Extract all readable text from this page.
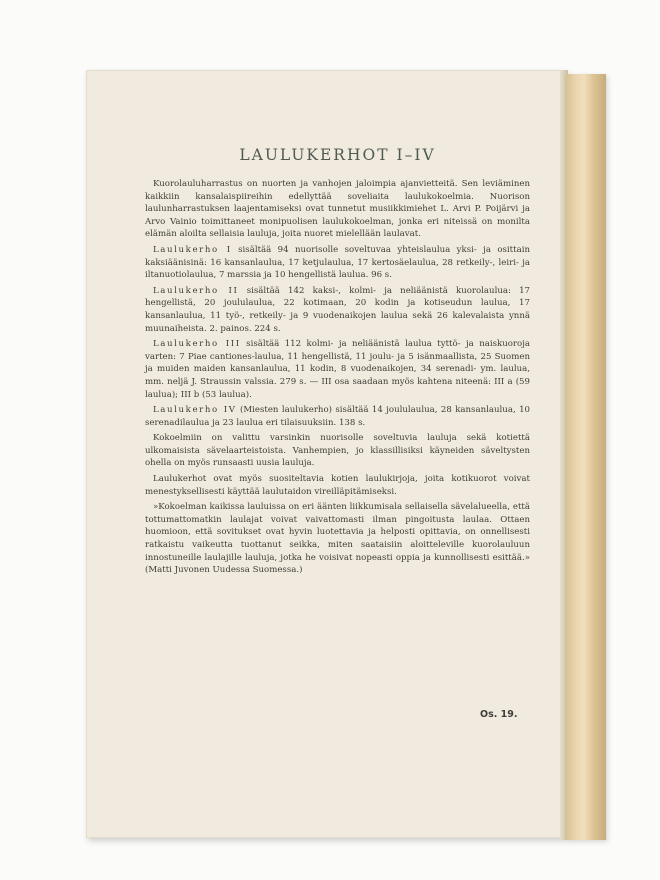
LAULUKERHOT I–IV

Kuorolauluharrastus on nuorten ja vanhojen jaloimpia ajanvietteitä. Sen leviäminen kaikkiin kansalaispiireihin edellyttää soveliaita laulukokoelmia. Nuorison laulunharrastuksen laajentamiseksi ovat tunnetut musiikkimiehet L. Arvi P. Poijärvi ja Arvo Vainio toimittaneet monipuolisen laulukokoelman, jonka eri niteissä on monilta elämän aloilta sellaisia lauluja, joita nuoret mielellään laulavat.

Laulukerho I sisältää 94 nuorisolle soveltuvaa yhteislaulua yksi- ja osittain kaksiäänisinä: 16 kansanlaulua, 17 ketjulaulua, 17 kertosäelaulua, 28 retkeily-, leiri- ja iltanuotiolaulua, 7 marssia ja 10 hengellistä laulua. 96 s.

Laulukerho II sisältää 142 kaksi-, kolmi- ja neliäänistä kuorolaulua: 17 hengellistä, 20 joululaulua, 22 kotimaan, 20 kodin ja kotiseudun laulua, 17 kansanlaulua, 11 työ-, retkeily- ja 9 vuodenaikojen laulua sekä 26 kalevalaista ynnä muunaiheista. 2. painos. 224 s.

Laulukerho III sisältää 112 kolmi- ja neliäänistä laulua tyttö- ja naiskuoroja varten: 7 Piae cantiones-laulua, 11 hengellistä, 11 joulu- ja 5 isänmaallista, 25 Suomen ja muiden maiden kansanlaulua, 11 kodin, 8 vuodenaikojen, 34 serenadi- ym. laulua, mm. neljä J. Straussin valssia. 279 s. — III osa saadaan myös kahtena niteenä: III a (59 laulua); III b (53 laulua).

Laulukerho IV (Miesten laulukerho) sisältää 14 joululaulua, 28 kansanlaulua, 10 serenadilaulua ja 23 laulua eri tilaisuuksiin. 138 s.

Kokoelmiin on valittu varsinkin nuorisolle soveltuvia lauluja sekä kotiettä ulkomaisista sävelaarteistoista. Vanhempien, jo klassillisiksi käyneiden säveltysten ohella on myös runsaasti uusia lauluja.

Laulukerhot ovat myös suositeltavia kotien laulukirjoja, joita kotikuorot voivat menestyksellisesti käyttää laulutaidon vireilläpitämiseksi.

»Kokoelman kaikissa lauluissa on eri äänten liikkumisala sellaisella sävelalueella, että tottumattomatkin laulajat voivat vaivattomasti ilman pingoitusta laulaa. Ottaen huomioon, että sovitukset ovat hyvin luotettavia ja helposti opittavia, on onnellisesti ratkaistu vaikeutta tuottanut seikka, miten saataisiin aloitteleville kuorolauluun innostuneille laulajille lauluja, jotka he voisivat nopeasti oppia ja kunnollisesti esittää.» (Matti Juvonen Uudessa Suomessa.)

Os. 19.
